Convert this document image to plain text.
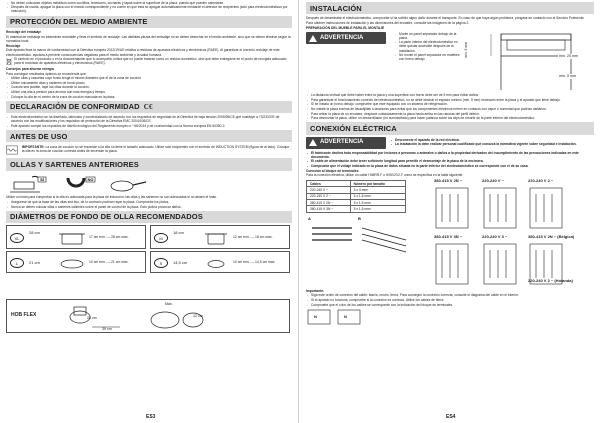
- No deben colocarse objetos metálicos como cuchillos, tenedores, cucharas y tapas sobre la superficie de la placa, puesto que pueden calentarse.
- Después de usarla, apague la placa con el mando correspondiente y no confíe en que esta se apague automáticamente mediante el detector de recipientes (solo para electrodomésticos por inducción).
PROTECCIÓN DEL MEDIO AMBIENTE
Reciclaje del embalaje
El material de embalaje es totalmente reciclable y lleva el símbolo de reciclaje. Las distintas piezas del embalaje no se deben desechar en el medio ambiente, sino que se deben eliminar según la normativa local.
Reciclaje
Este aparato lleva la marca de conformidad con la Directiva europea 2012/19/UE relativa a residuos de aparatos eléctricos y electrónicos (RAEE). Al garantizar el correcto reciclaje de este electrodoméstico, ayudará a prevenir consecuencias negativas para el medio ambiente y la salud humana.
El símbolo en el producto o en la documentación que lo acompaña, indica que no puede tratarse como un residuo doméstico, sino que debe entregarse en el punto de recogida adecuado para el reciclado de aparatos eléctricos y electrónicos (RAEE).
Consejos para ahorrar energía
Para conseguir resultados óptimos se recomienda que:
- Utilice ollas y cazuelas cuyo fondo tenga el mismo diámetro que el de la zona de cocción.
- Utilice únicamente ollas y sartenes de fondo plano.
- Cuando sea posible, tape las ollas durante la cocción.
- Utilice una olla a presión para ahorrar aún más energía y tiempo.
- Coloque la olla en el centro de la zona de cocción marcada en la placa.
DECLARACIÓN DE CONFORMIDAD C€
- Este electrodoméstico se ha diseñado, fabricado y comercializado de acuerdo con los requisitos de seguridad de la Directiva de baja tensión 2006/95/CE que sustituye a 73/23/CEE de acuerdo con las modificaciones y los requisitos de protección de la Directiva EMC 2004/108/CE.
- Este aparato cumple los requisitos de diseño ecológico del Reglamento europeo n.º 66/2014 y de conformidad con la Norma europea EN 60350-2.
ANTES DE USO
IMPORTANTE: La zona de cocción no se enciende si la olla no tiene el tamaño adecuado. Utilice solo recipientes con el símbolo de INDUCTION SYSTEM (figura de al lado). Coloque la olla en la zona de cocción correcta antes de encender la placa.
OLLAS Y SARTENES ANTERIORES
SÍ	NO
Utilice un imán para comprobar si la olla es adecuada para la placa de inducción: las ollas y las sartenes no son adecuadas si no atraen el imán.
- Asegúrese de que la base de las ollas sea liso, de lo contrario podrían rayar la placa. Compruebe los platos.
- Nunca se deben colocar ollas o sartenes calientes sobre el panel de control de la placa. Esto podría provocar daños.
DIÁMETROS DE FONDO DE OLLA RECOMENDADOS
XL
28 cm
17 cm mín. — 28 cm máx.	M
18 cm
12 cm mín. — 18 cm máx.
L	21 cm	10 cm mín. — 21 cm máx.	S	14,5 cm	10 cm mín. — 14,5 cm máx.
HOB FLEX	23 cm
39 cm
Máx.
12 cm
ES3
INSTALACIÓN
Después de desembalar el electrodoméstico, compruebe si ha sufrido algún daño durante el transporte. En caso de que haya algún problema, póngase en contacto con el Servicio Postventa.
Para obtener instrucciones de instalación y las dimensiones del encastre, consulte las imágenes de la página 2.
PREPARACIÓN DEL MUEBLE PARA EL MONTAJE
ADVERTENCIA
- Monte un panel separador debajo de la placa.
- La parte inferior del electrodoméstico no debe quedar accesible después de la instalación.
- No monte el panel separador en muebles con horno debajo.
mín. 5 mm	mín. 20 mm
mín. 5 mm
- La distancia vertical que debe haber entre la placa y una superficie con horno debe ser de 5 mm para evitar daños.
- Para garantizar el funcionamiento correcto del electrodoméstico, no se debe obstruir el espacio mínimo (min. 5 mm) necesario entre la placa y el aparato que tiene debajo.
- Si se instala un horno debajo, compruebe que esté equipado con un sistema de refrigeración.
- No instale la placa encima de lavavajillas o lavadoras para evitar que los componentes eléctricos entren en contacto con vapor o humedad que podrían dañarlos.
- Para retirar la placa de su encastre, desplace cuidadosamente la placa hacia arriba en las ranuras del perfil inferior.
- Para desmontar la placa, utilice un destornillador (no suministrado) para hacer palanca sobre los clips de resorte de la parte inferior del electrodoméstico.
CONEXIÓN ELÉCTRICA
ADVERTENCIA	- Desconecte el aparato de la red eléctrica.
- La instalación la debe realizar personal cualificado que conozca la normativa vigente sobre seguridad e instalación.
- El fabricante declina toda responsabilidad por lesiones a personas o animales o daños a la propiedad derivados del incumplimiento de las precauciones indicadas en este documento.
- El cable de alimentación debe tener suficiente longitud para permitir el desmontaje de la placa de la encimera.
- Compruebe que el voltaje indicado en la placa de datos situada en la parte inferior del electrodoméstico se corresponde con el de su casa.
Conexión al bloque de terminales
Para la conexión eléctrica, utilice un cable H05RR-F o H05V2V2-F como se especifica en la tabla siguiente.
Cables	Número por tamaño
220-240 V ~	3 x 4 mm²
220-240 V 2 ~	4 x 1,5 mm²
380-415 V 2N ~	5 x 1,5 mm²
380-415 V 3N ~	5 x 1,5 mm²
A	B
380-415 V 2N ~	220-240 V ~	220-240 V 2 ~
380-415 V 3N ~	220-240 V 3 ~	380-415 V 2N ~ (Bélgica)
220-240 V 2 ~ (Holanda)
Importante:
- Siga este orden de conexión del cable: fase/s, neutro, tierra. Para conseguir la conexión correcta, consulte el diagrama del cable en el interior.
- Si el aparato no funciona, compruebe si la conexión es correcta. Utilice los cables de tierra.
- Compruebe que el color de los cables se corresponde con la indicación del bloque de terminales.
N	N
ES4
